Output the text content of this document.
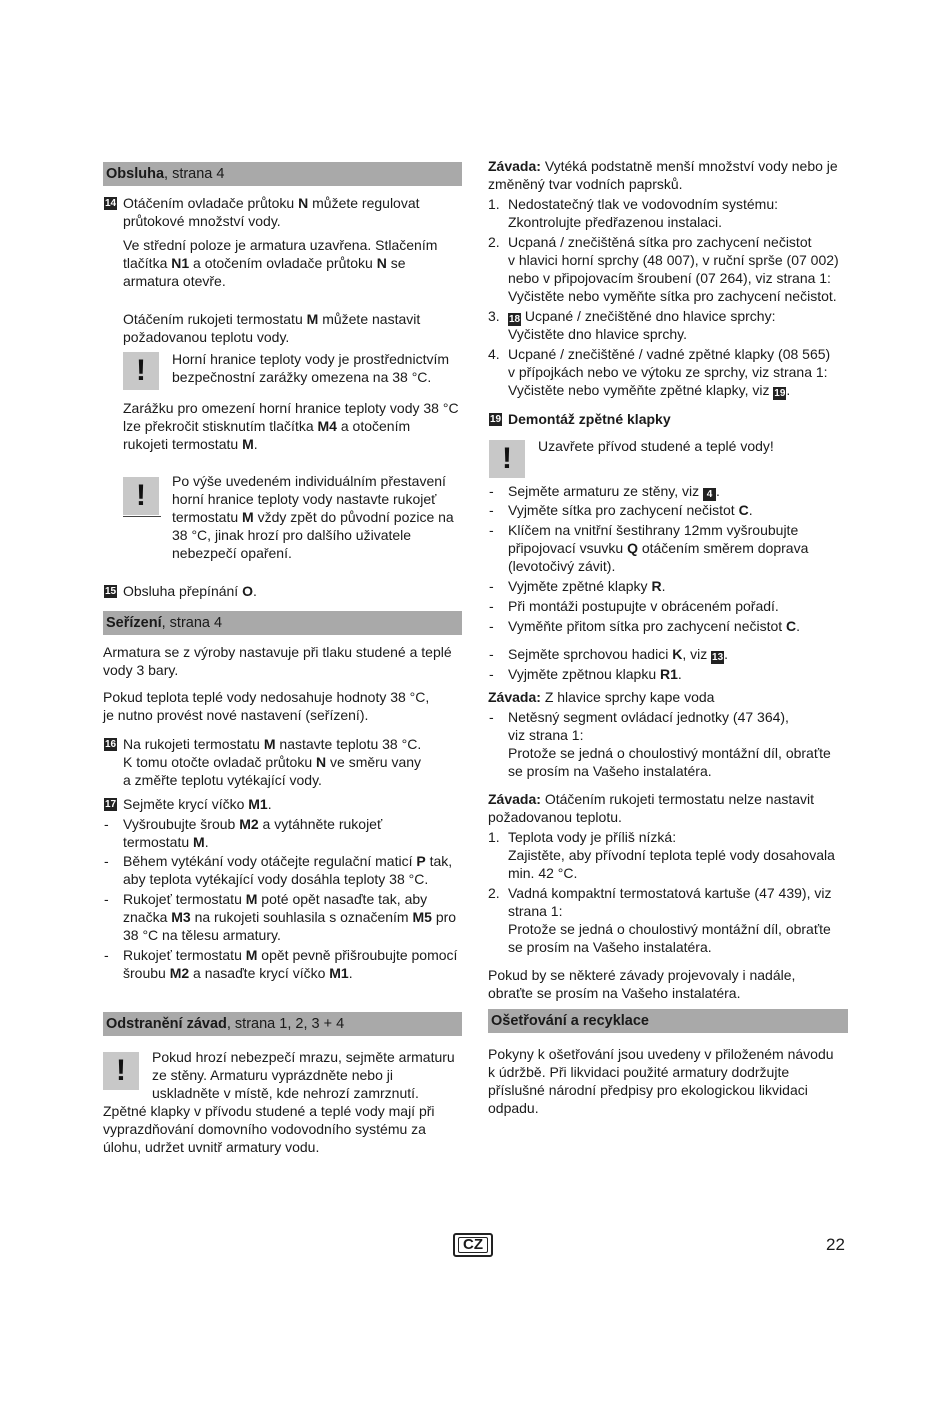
Obsluha, strana 4
14 Otáčením ovladače průtoku N můžete regulovat
průtokové množství vody.
Ve střední poloze je armatura uzavřena. Stlačením
tlačítka N1 a otočením ovladače průtoku N se
armatura otevře.
Otáčením rukojeti termostatu M můžete nastavit
požadovanou teplotu vody.
!	Horní hranice teploty vody je prostřednictvím
bezpečnostní zarážky omezena na 38 °C.
Zarážku pro omezení horní hranice teploty vody 38 °C
lze překročit stisknutím tlačítka M4 a otočením
rukojeti termostatu M.
!	Po výše uvedeném individuálním přestavení
horní hranice teploty vody nastavte rukojeť
termostatu M vždy zpět do původní pozice na
38 °C, jinak hrozí pro dalšího uživatele
nebezpečí opaření.
15 Obsluha přepínání O.
Seřízení, strana 4
Armatura se z výroby nastavuje při tlaku studené a teplé
vody 3 bary.
Pokud teplota teplé vody nedosahuje hodnoty 38 °C,
je nutno provést nové nastavení (seřízení).
16 Na rukojeti termostatu M nastavte teplotu 38 °C.
K tomu otočte ovladač průtoku N ve směru vany
a změřte teplotu vytékající vody.
17 Sejměte krycí víčko M1.
- Vyšroubujte šroub M2 a vytáhněte rukojeť
termostatu M.
- Během vytékání vody otáčejte regulační maticí P tak,
aby teplota vytékající vody dosáhla teploty 38 °C.
- Rukojeť termostatu M poté opět nasaďte tak, aby
značka M3 na rukojeti souhlasila s označením M5 pro
38 °C na tělesu armatury.
- Rukojeť termostatu M opět pevně přišroubujte pomocí
šroubu M2 a nasaďte krycí víčko M1.
Odstranění závad, strana 1, 2, 3 + 4
!	Pokud hrozí nebezpečí mrazu, sejměte armaturu
ze stěny. Armaturu vyprázdněte nebo ji
uskladněte v místě, kde nehrozí zamrznutí.
Zpětné klapky v přívodu studené a teplé vody mají při
vyprazdňování domovního vodovodního systému za
úlohu, udržet uvnitř armatury vodu.
Závada: Vytéká podstatně menší množství vody nebo je
změněný tvar vodních paprsků.
1. Nedostatečný tlak ve vodovodním systému:
Zkontrolujte předřazenou instalaci.
2. Ucpaná / znečištěná sítka pro zachycení nečistot
v hlavici horní sprchy (48 007), v ruční sprše (07 002)
nebo v připojovacím šroubení (07 264), viz strana 1:
Vyčistěte nebo vyměňte sítka pro zachycení nečistot.
3. 18 Ucpané / znečištěné dno hlavice sprchy:
Vyčistěte dno hlavice sprchy.
4. Ucpané / znečištěné / vadné zpětné klapky (08 565)
v přípojkách nebo ve výtoku ze sprchy, viz strana 1:
Vyčistěte nebo vyměňte zpětné klapky, viz 19.
19 Demontáž zpětné klapky
!	Uzavřete přívod studené a teplé vody!
- Sejměte armaturu ze stěny, viz 4 .
- Vyjměte sítka pro zachycení nečistot C.
- Klíčem na vnitřní šestihrany 12mm vyšroubujte
připojovací vsuvku Q otáčením směrem doprava
(levotočivý závit).
- Vyjměte zpětné klapky R.
- Při montáži postupujte v obráceném pořadí.
- Vyměňte přitom sítka pro zachycení nečistot C.
- Sejměte sprchovou hadici K, viz 13.
- Vyjměte zpětnou klapku R1.
Závada: Z hlavice sprchy kape voda
- Netěsný segment ovládací jednotky (47 364),
viz strana 1:
Protože se jedná o choulostivý montážní díl, obraťte
se prosím na Vašeho instalatéra.
Závada: Otáčením rukojeti termostatu nelze nastavit
požadovanou teplotu.
1. Teplota vody je příliš nízká:
Zajistěte, aby přívodní teplota teplé vody dosahovala
min. 42 °C.
2. Vadná kompaktní termostatová kartuše (47 439), viz
strana 1:
Protože se jedná o choulostivý montážní díl, obraťte
se prosím na Vašeho instalatéra.
Pokud by se některé závady projevovaly i nadále,
obraťte se prosím na Vašeho instalatéra.
Ošetřování a recyklace
Pokyny k ošetřování jsou uvedeny v přiloženém návodu
k údržbě. Při likvidaci použité armatury dodržujte
příslušné národní předpisy pro ekologickou likvidaci
odpadu.
CZ	22
